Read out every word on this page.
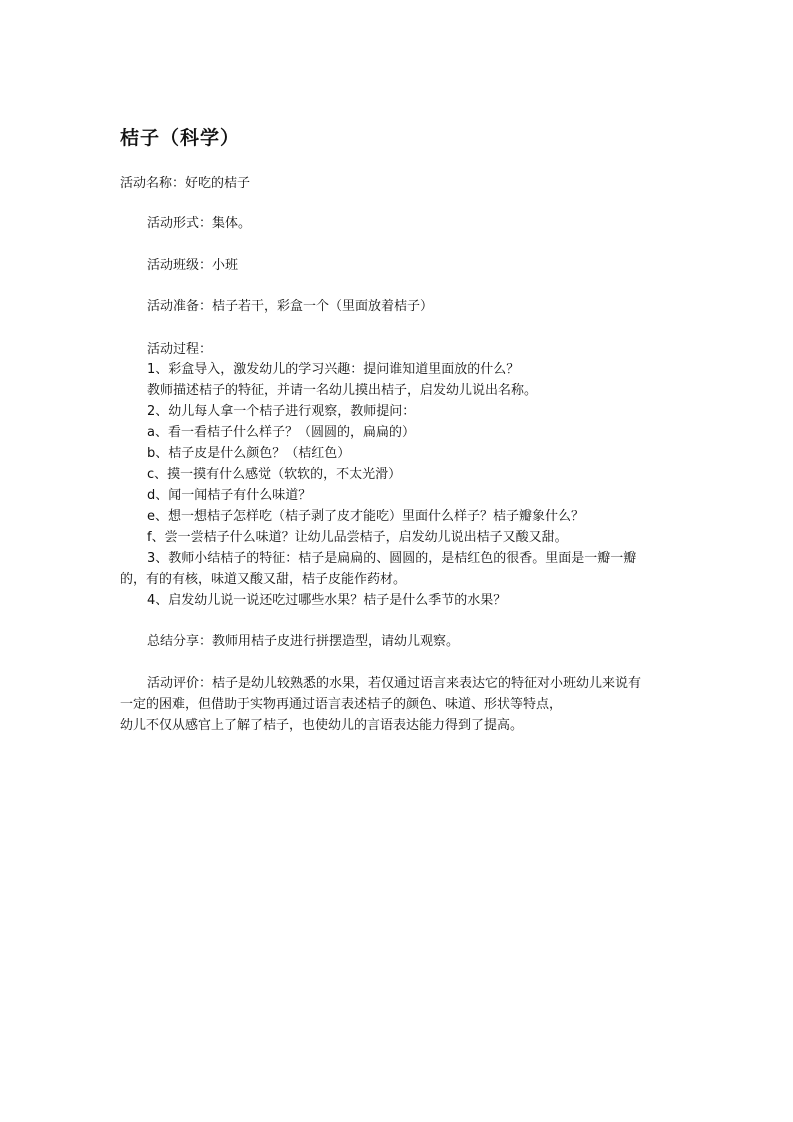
桔子（科学）

活动名称：好吃的桔子

活动形式：集体。

活动班级：小班

活动准备：桔子若干，彩盒一个（里面放着桔子）

活动过程：

1、彩盒导入，激发幼儿的学习兴趣：提问谁知道里面放的什么？

教师描述桔子的特征，并请一名幼儿摸出桔子，启发幼儿说出名称。

2、幼儿每人拿一个桔子进行观察，教师提问：

a、看一看桔子什么样子？（圆圆的，扁扁的）

b、桔子皮是什么颜色？（桔红色）

c、摸一摸有什么感觉（软软的，不太光滑）

d、闻一闻桔子有什么味道？

e、想一想桔子怎样吃（桔子剥了皮才能吃）里面什么样子？桔子瓣象什么？

f、尝一尝桔子什么味道？让幼儿品尝桔子，启发幼儿说出桔子又酸又甜。

3、教师小结桔子的特征：桔子是扁扁的、圆圆的，是桔红色的很香。里面是一瓣一瓣

的，有的有核，味道又酸又甜，桔子皮能作药材。

4、启发幼儿说一说还吃过哪些水果？桔子是什么季节的水果？

总结分享：教师用桔子皮进行拼摆造型，请幼儿观察。

活动评价：桔子是幼儿较熟悉的水果，若仅通过语言来表达它的特征对小班幼儿来说有

一定的困难，但借助于实物再通过语言表述桔子的颜色、味道、形状等特点，

幼儿不仅从感官上了解了桔子，也使幼儿的言语表达能力得到了提高。
